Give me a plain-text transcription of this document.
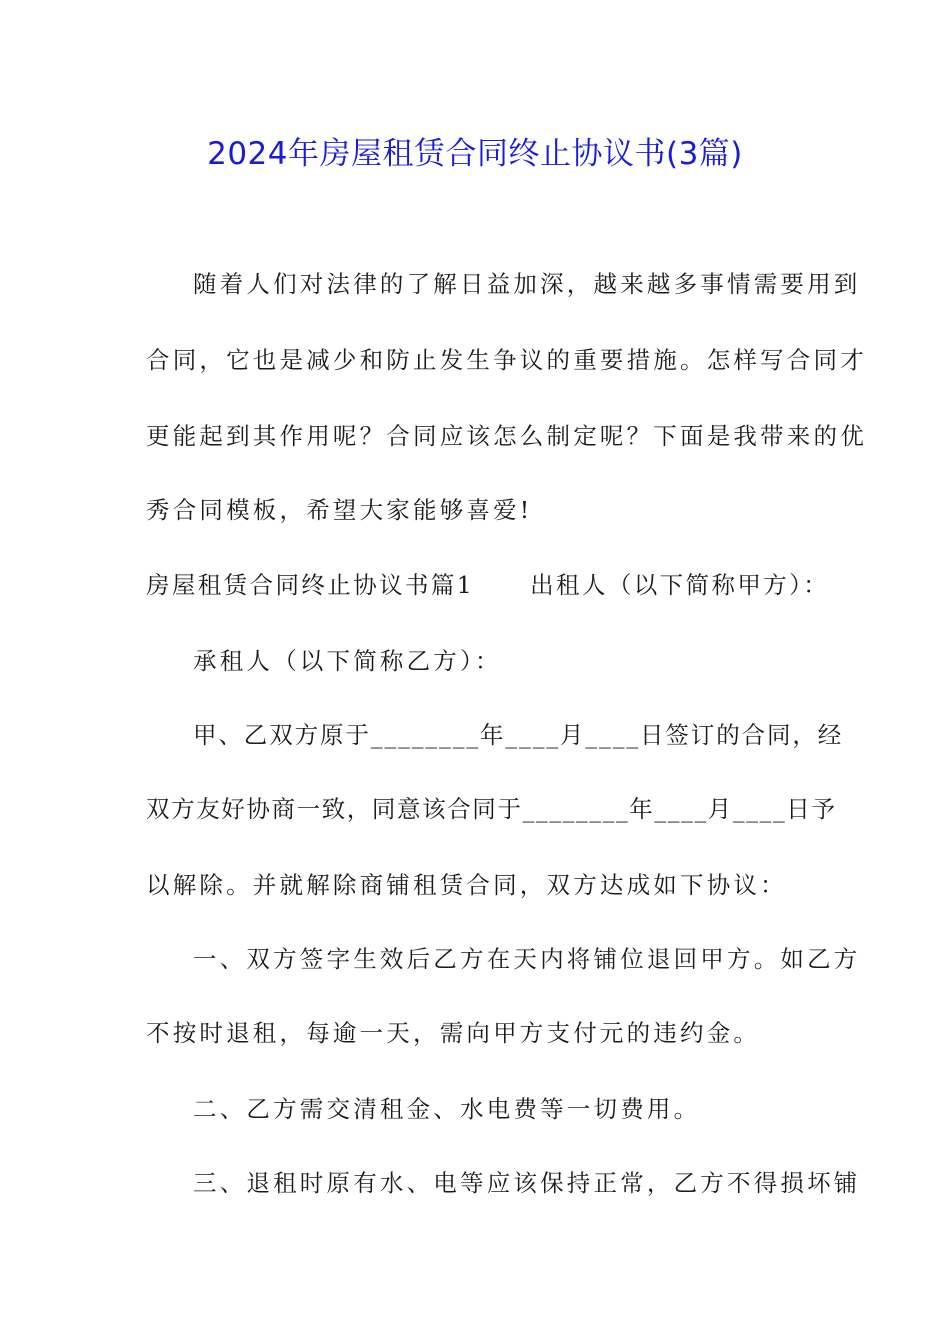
2024年房屋租赁合同终止协议书(3篇)
随着人们对法律的了解日益加深，越来越多事情需要用到
合同，它也是减少和防止发生争议的重要措施。怎样写合同才
更能起到其作用呢？合同应该怎么制定呢？下面是我带来的优
秀合同模板，希望大家能够喜爱!
房屋租赁合同终止协议书篇1 出租人（以下简称甲方）：
承租人（以下简称乙方）：
甲、乙双方原于________年____月____日签订的合同，经
双方友好协商一致，同意该合同于________年____月____日予
以解除。并就解除商铺租赁合同，双方达成如下协议：
一、双方签字生效后乙方在天内将铺位退回甲方。如乙方
不按时退租，每逾一天，需向甲方支付元的违约金。
二、乙方需交清租金、水电费等一切费用。
三、退租时原有水、电等应该保持正常，乙方不得损坏铺
